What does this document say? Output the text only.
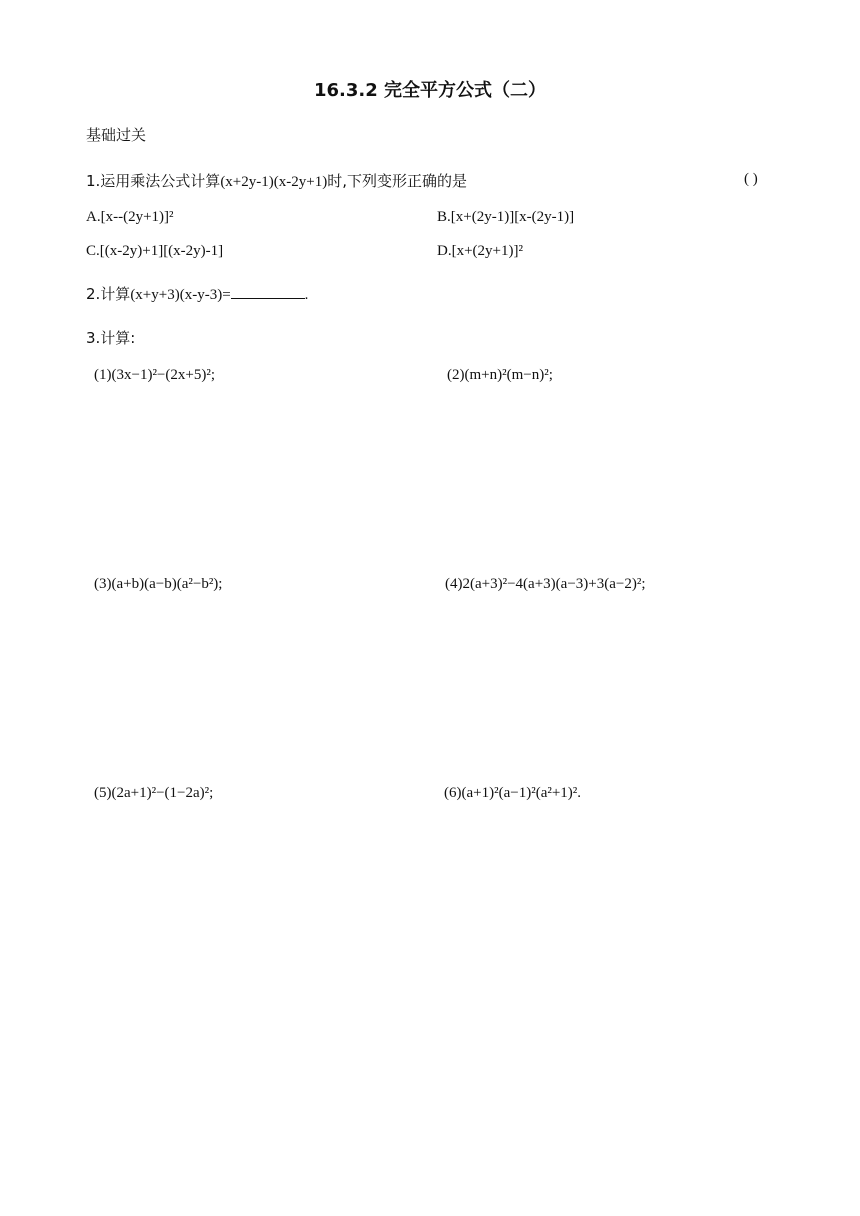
16.3.2 完全平方公式（二）
基础过关
1.运用乘法公式计算(x+2y-1)(x-2y+1)时,下列变形正确的是	( )
A.[x--(2y+1)]²	B.[x+(2y-1)][x-(2y-1)]
C.[(x-2y)+1][(x-2y)-1]	D.[x+(2y+1)]²
2.计算(x+y+3)(x-y-3)=	.
3.计算:
(1)(3x−1)²−(2x+5)²;	(2)(m+n)²(m−n)²;
(3)(a+b)(a−b)(a²−b²);	(4)2(a+3)²−4(a+3)(a−3)+3(a−2)²;
(5)(2a+1)²−(1−2a)²;	(6)(a+1)²(a−1)²(a²+1)².
